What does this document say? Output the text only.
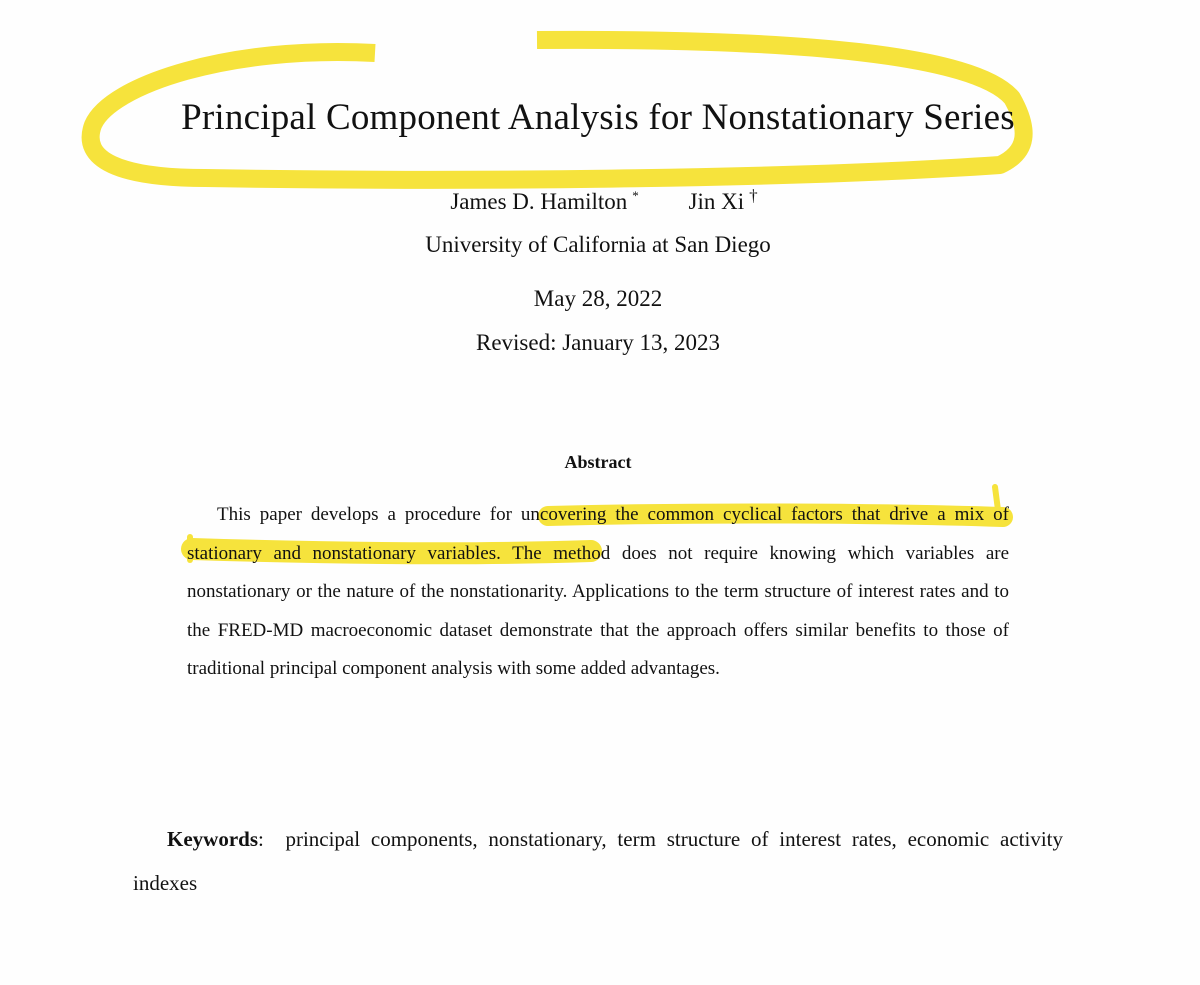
Principal Component Analysis for Nonstationary Series
James D. Hamilton * Jin Xi †
University of California at San Diego
May 28, 2022
Revised: January 13, 2023
Abstract

This paper develops a procedure for uncovering the common cyclical factors that drive a mix of stationary and nonstationary variables. The method does not require knowing which variables are nonstationary or the nature of the nonstationarity. Applications to the term structure of interest rates and to the FRED-MD macroeconomic dataset demonstrate that the approach offers similar benefits to those of traditional principal component analysis with some added advantages.

Keywords: principal components, nonstationary, term structure of interest rates, economic activity indexes
